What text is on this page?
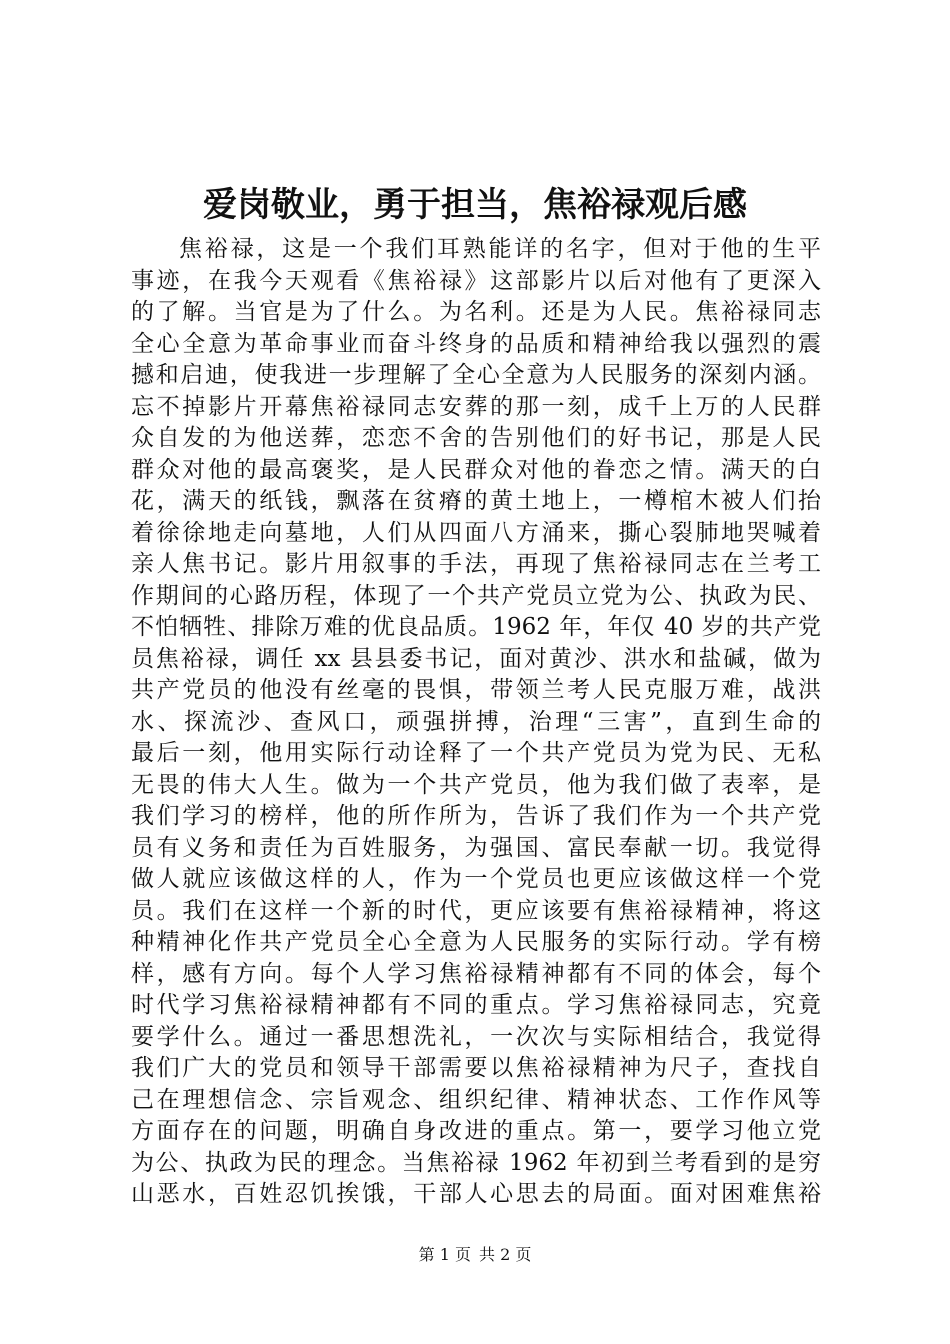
爱岗敬业，勇于担当，焦裕禄观后感
焦裕禄，这是一个我们耳熟能详的名字，但对于他的生平
事迹，在我今天观看《焦裕禄》这部影片以后对他有了更深入
的了解。当官是为了什么。为名利。还是为人民。焦裕禄同志
全心全意为革命事业而奋斗终身的品质和精神给我以强烈的震
撼和启迪，使我进一步理解了全心全意为人民服务的深刻内涵。
忘不掉影片开幕焦裕禄同志安葬的那一刻，成千上万的人民群
众自发的为他送葬，恋恋不舍的告别他们的好书记，那是人民
群众对他的最高褒奖，是人民群众对他的眷恋之情。满天的白
花，满天的纸钱，飘落在贫瘠的黄土地上，一樽棺木被人们抬
着徐徐地走向墓地，人们从四面八方涌来，撕心裂肺地哭喊着
亲人焦书记。影片用叙事的手法，再现了焦裕禄同志在兰考工
作期间的心路历程，体现了一个共产党员立党为公、执政为民、
不怕牺牲、排除万难的优良品质。1962 年，年仅 40 岁的共产党
员焦裕禄，调任 xx 县县委书记，面对黄沙、洪水和盐碱，做为
共产党员的他没有丝毫的畏惧，带领兰考人民克服万难，战洪
水、探流沙、查风口，顽强拼搏，治理“三害”，直到生命的
最后一刻，他用实际行动诠释了一个共产党员为党为民、无私
无畏的伟大人生。做为一个共产党员，他为我们做了表率，是
我们学习的榜样，他的所作所为，告诉了我们作为一个共产党
员有义务和责任为百姓服务，为强国、富民奉献一切。我觉得
做人就应该做这样的人，作为一个党员也更应该做这样一个党
员。我们在这样一个新的时代，更应该要有焦裕禄精神，将这
种精神化作共产党员全心全意为人民服务的实际行动。学有榜
样，感有方向。每个人学习焦裕禄精神都有不同的体会，每个
时代学习焦裕禄精神都有不同的重点。学习焦裕禄同志，究竟
要学什么。通过一番思想洗礼，一次次与实际相结合，我觉得
我们广大的党员和领导干部需要以焦裕禄精神为尺子，查找自
己在理想信念、宗旨观念、组织纪律、精神状态、工作作风等
方面存在的问题，明确自身改进的重点。第一，要学习他立党
为公、执政为民的理念。当焦裕禄 1962 年初到兰考看到的是穷
山恶水，百姓忍饥挨饿，干部人心思去的局面。面对困难焦裕
第 1 页 共 2 页
